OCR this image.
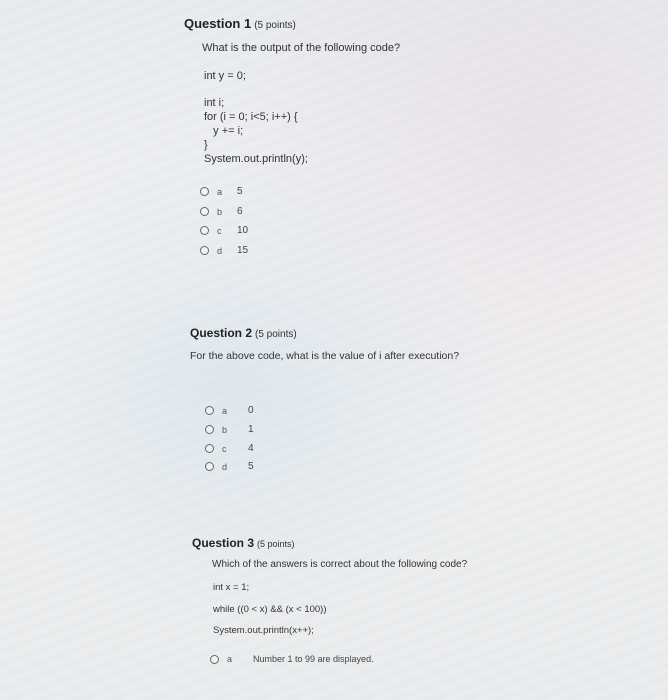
Question 1 (5 points)
What is the output of the following code?
int y = 0;
int i;
for (i = 0; i<5; i++) {
y += i;
}
System.out.println(y);
a	5
b	6
c	10
d	15
Question 2 (5 points)
For the above code, what is the value of i after execution?
a	0
b	1
c	4
d	5
Question 3 (5 points)
Which of the answers is correct about the following code?
int x = 1;
while ((0 < x) && (x < 100))
System.out.println(x++);
a	Number 1 to 99 are displayed.
